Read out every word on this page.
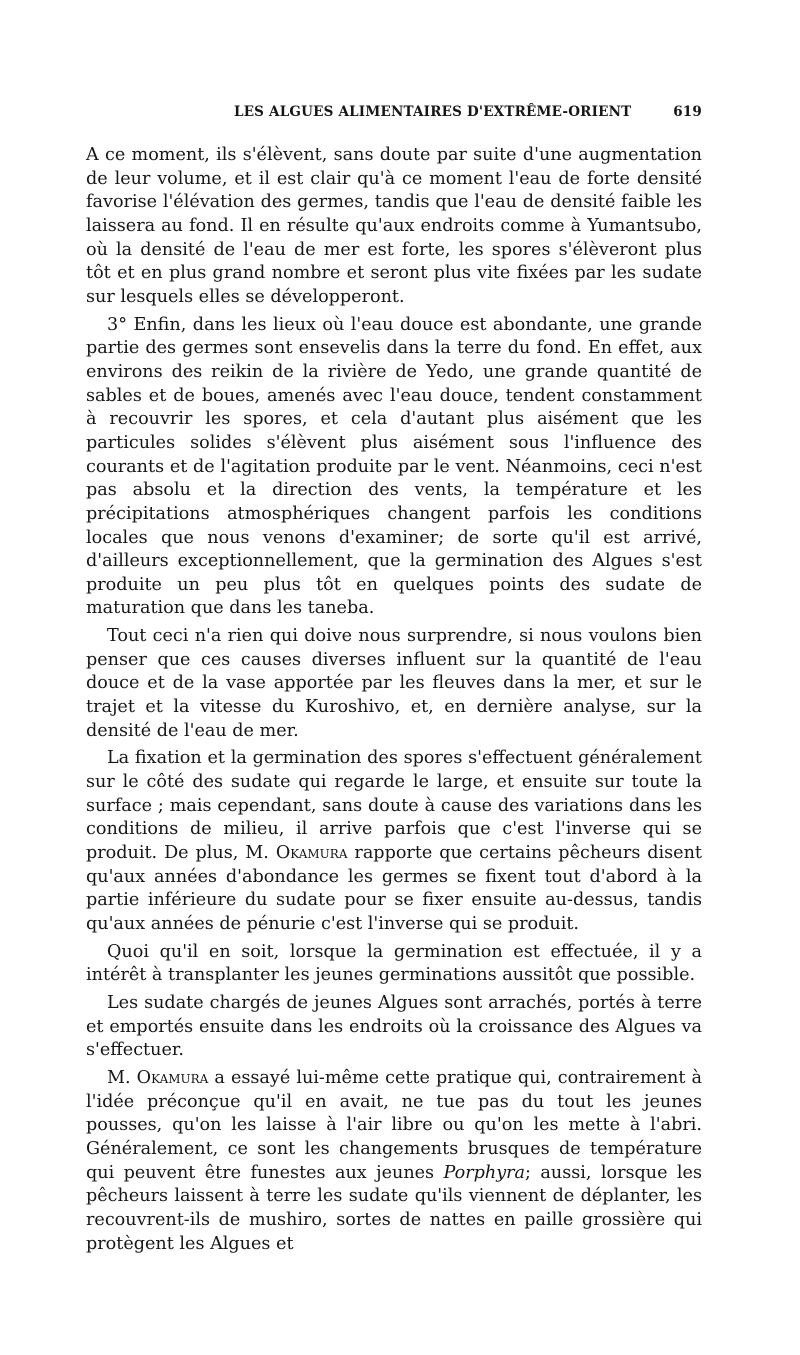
LES ALGUES ALIMENTAIRES D'EXTRÊME-ORIENT	619

A ce moment, ils s'élèvent, sans doute par suite d'une augmentation de leur volume, et il est clair qu'à ce moment l'eau de forte densité favorise l'élévation des germes, tandis que l'eau de densité faible les laissera au fond. Il en résulte qu'aux endroits comme à Yumantsubo, où la densité de l'eau de mer est forte, les spores s'élèveront plus tôt et en plus grand nombre et seront plus vite fixées par les sudate sur lesquels elles se développeront.

3° Enfin, dans les lieux où l'eau douce est abondante, une grande partie des germes sont ensevelis dans la terre du fond. En effet, aux environs des reikin de la rivière de Yedo, une grande quantité de sables et de boues, amenés avec l'eau douce, tendent constamment à recouvrir les spores, et cela d'autant plus aisément que les particules solides s'élèvent plus aisément sous l'influence des courants et de l'agitation produite par le vent. Néanmoins, ceci n'est pas absolu et la direction des vents, la température et les précipitations atmosphériques changent parfois les conditions locales que nous venons d'examiner; de sorte qu'il est arrivé, d'ailleurs exceptionnellement, que la germination des Algues s'est produite un peu plus tôt en quelques points des sudate de maturation que dans les taneba.

Tout ceci n'a rien qui doive nous surprendre, si nous voulons bien penser que ces causes diverses influent sur la quantité de l'eau douce et de la vase apportée par les fleuves dans la mer, et sur le trajet et la vitesse du Kuroshivo, et, en dernière analyse, sur la densité de l'eau de mer.

La fixation et la germination des spores s'effectuent généralement sur le côté des sudate qui regarde le large, et ensuite sur toute la surface ; mais cependant, sans doute à cause des variations dans les conditions de milieu, il arrive parfois que c'est l'inverse qui se produit. De plus, M. Okamura rapporte que certains pêcheurs disent qu'aux années d'abondance les germes se fixent tout d'abord à la partie inférieure du sudate pour se fixer ensuite au-dessus, tandis qu'aux années de pénurie c'est l'inverse qui se produit.

Quoi qu'il en soit, lorsque la germination est effectuée, il y a intérêt à transplanter les jeunes germinations aussitôt que possible.

Les sudate chargés de jeunes Algues sont arrachés, portés à terre et emportés ensuite dans les endroits où la croissance des Algues va s'effectuer.

M. Okamura a essayé lui-même cette pratique qui, contrairement à l'idée préconçue qu'il en avait, ne tue pas du tout les jeunes pousses, qu'on les laisse à l'air libre ou qu'on les mette à l'abri. Généralement, ce sont les changements brusques de température qui peuvent être funestes aux jeunes Porphyra; aussi, lorsque les pêcheurs laissent à terre les sudate qu'ils viennent de déplanter, les recouvrent-ils de mushiro, sortes de nattes en paille grossière qui protègent les Algues et
